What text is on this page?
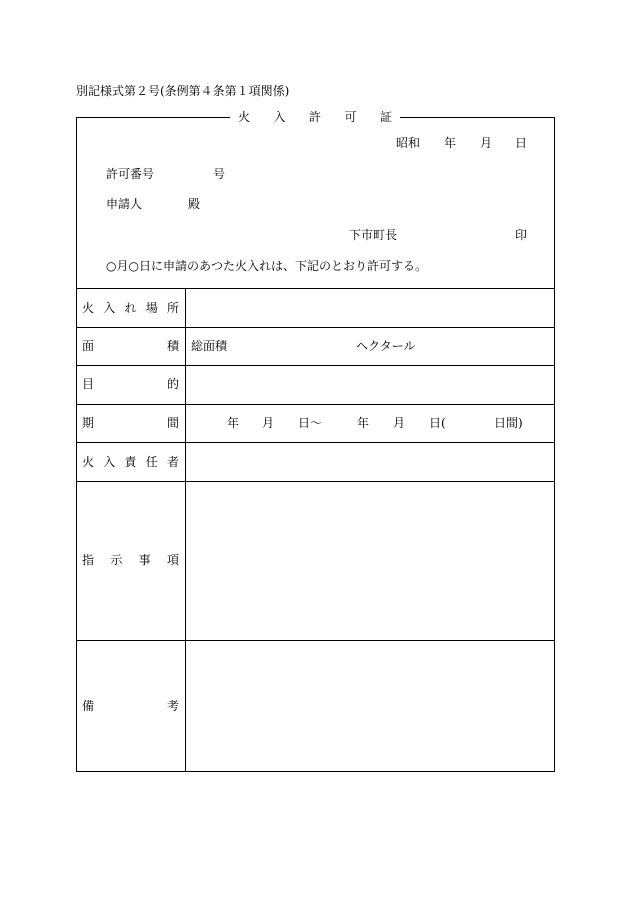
別記様式第２号(条例第４条第１項関係)
火 入 許 可 証
昭和 年 月 日
許可番号	号
申請人	殿
下市町長	印
○月○日に申請のあつた火入れは、下記のとおり許可する。
火 入 れ 場 所
面	積 総面積	ヘクタール
目	的
期	間	年 月 日～	年 月 日(	日間)
火 入 責 任 者
指 示 事 項
備	考
